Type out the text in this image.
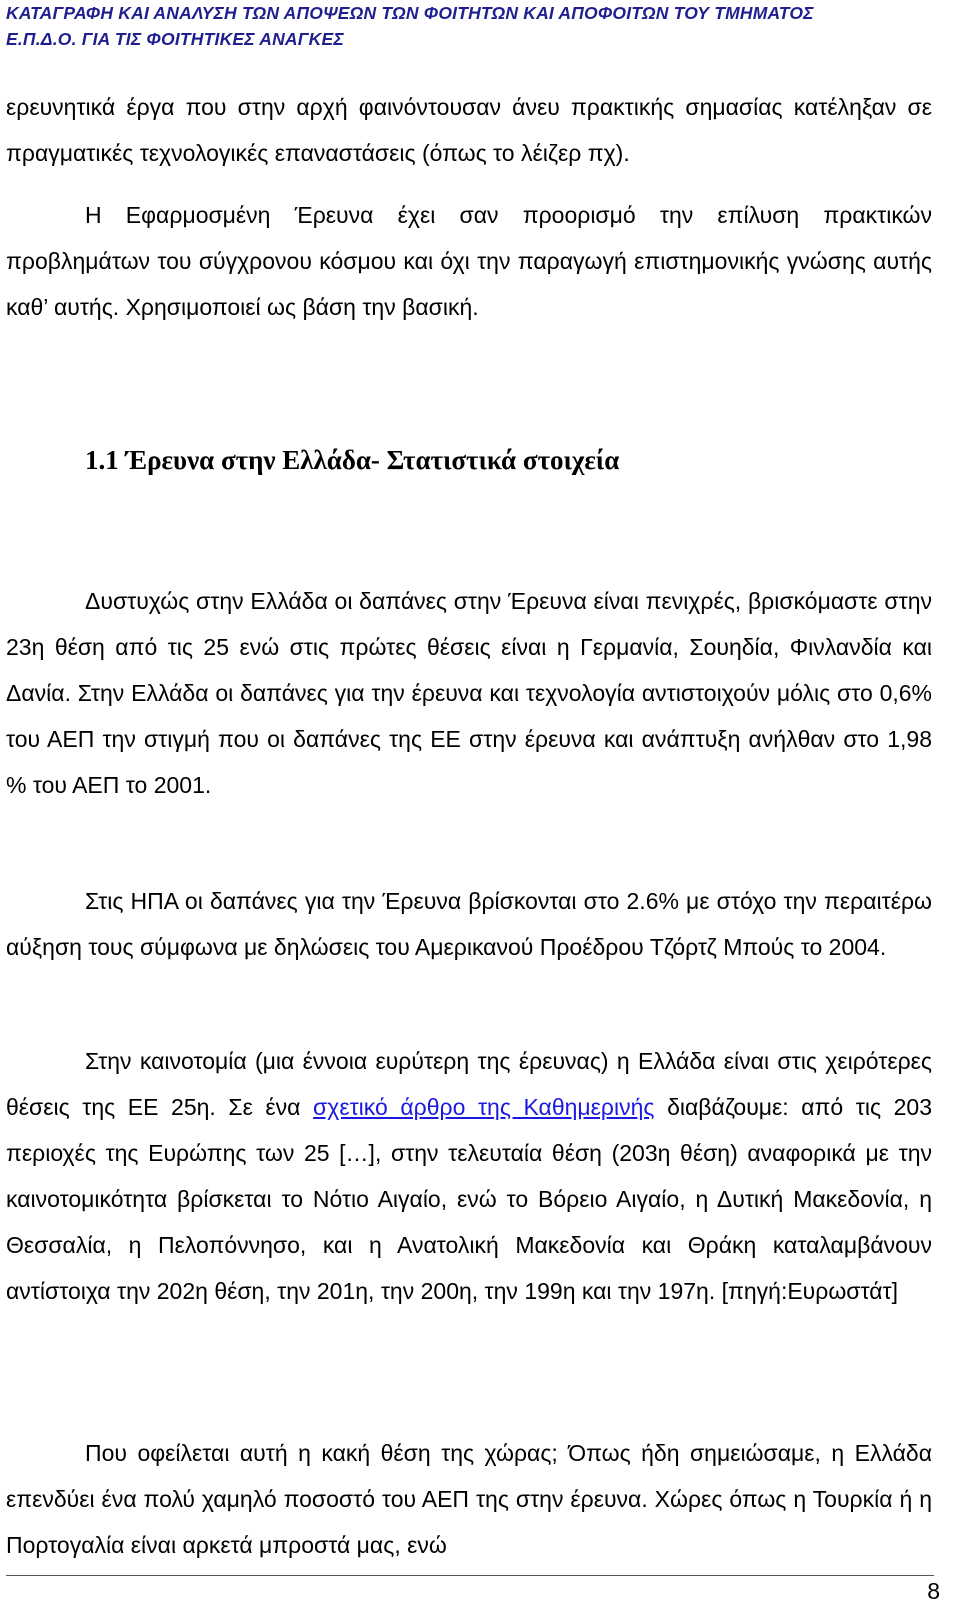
ΚΑΤΑΓΡΑΦΗ ΚΑΙ ΑΝΑΛΥΣΗ ΤΩΝ ΑΠΟΨΕΩΝ ΤΩΝ ΦΟΙΤΗΤΩΝ ΚΑΙ ΑΠΟΦΟΙΤΩΝ ΤΟΥ ΤΜΗΜΑΤΟΣ
Ε.Π.Δ.Ο. ΓΙΑ ΤΙΣ ΦΟΙΤΗΤΙΚΕΣ ΑΝΑΓΚΕΣ

ερευνητικά έργα που στην αρχή φαινόντουσαν άνευ πρακτικής σημασίας κατέληξαν σε πραγματικές τεχνολογικές επαναστάσεις (όπως το λέιζερ πχ).

Η Εφαρμοσμένη Έρευνα έχει σαν προορισμό την επίλυση πρακτικών προβλημάτων του σύγχρονου κόσμου και όχι την παραγωγή επιστημονικής γνώσης αυτής καθ’ αυτής. Χρησιμοποιεί ως βάση την βασική.

1.1 Έρευνα στην Ελλάδα- Στατιστικά στοιχεία

Δυστυχώς στην Ελλάδα οι δαπάνες στην Έρευνα είναι πενιχρές, βρισκόμαστε στην 23η θέση από τις 25 ενώ στις πρώτες θέσεις είναι η Γερμανία, Σουηδία, Φινλανδία και Δανία. Στην Ελλάδα οι δαπάνες για την έρευνα και τεχνολογία αντιστοιχούν μόλις στο 0,6% του ΑΕΠ την στιγμή που οι δαπάνες της ΕΕ στην έρευνα και ανάπτυξη ανήλθαν στο 1,98 % του ΑΕΠ το 2001.

Στις ΗΠΑ οι δαπάνες για την Έρευνα βρίσκονται στο 2.6% με στόχο την περαιτέρω αύξηση τους σύμφωνα με δηλώσεις του Αμερικανού Προέδρου Τζόρτζ Μπούς το 2004.

Στην καινοτομία (μια έννοια ευρύτερη της έρευνας) η Ελλάδα είναι στις χειρότερες θέσεις της ΕΕ 25η. Σε ένα σχετικό άρθρο της Καθημερινής διαβάζουμε: από τις 203 περιοχές της Ευρώπης των 25 […], στην τελευταία θέση (203η θέση) αναφορικά με την καινοτομικότητα βρίσκεται το Νότιο Αιγαίο, ενώ το Βόρειο Αιγαίο, η Δυτική Μακεδονία, η Θεσσαλία, η Πελοπόννησο, και η Ανατολική Μακεδονία και Θράκη καταλαμβάνουν αντίστοιχα την 202η θέση, την 201η, την 200η, την 199η και την 197η. [πηγή:Ευρωστάτ]

Που οφείλεται αυτή η κακή θέση της χώρας; Όπως ήδη σημειώσαμε, η Ελλάδα επενδύει ένα πολύ χαμηλό ποσοστό του ΑΕΠ της στην έρευνα. Χώρες όπως η Τουρκία ή η Πορτογαλία είναι αρκετά μπροστά μας, ενώ

8
